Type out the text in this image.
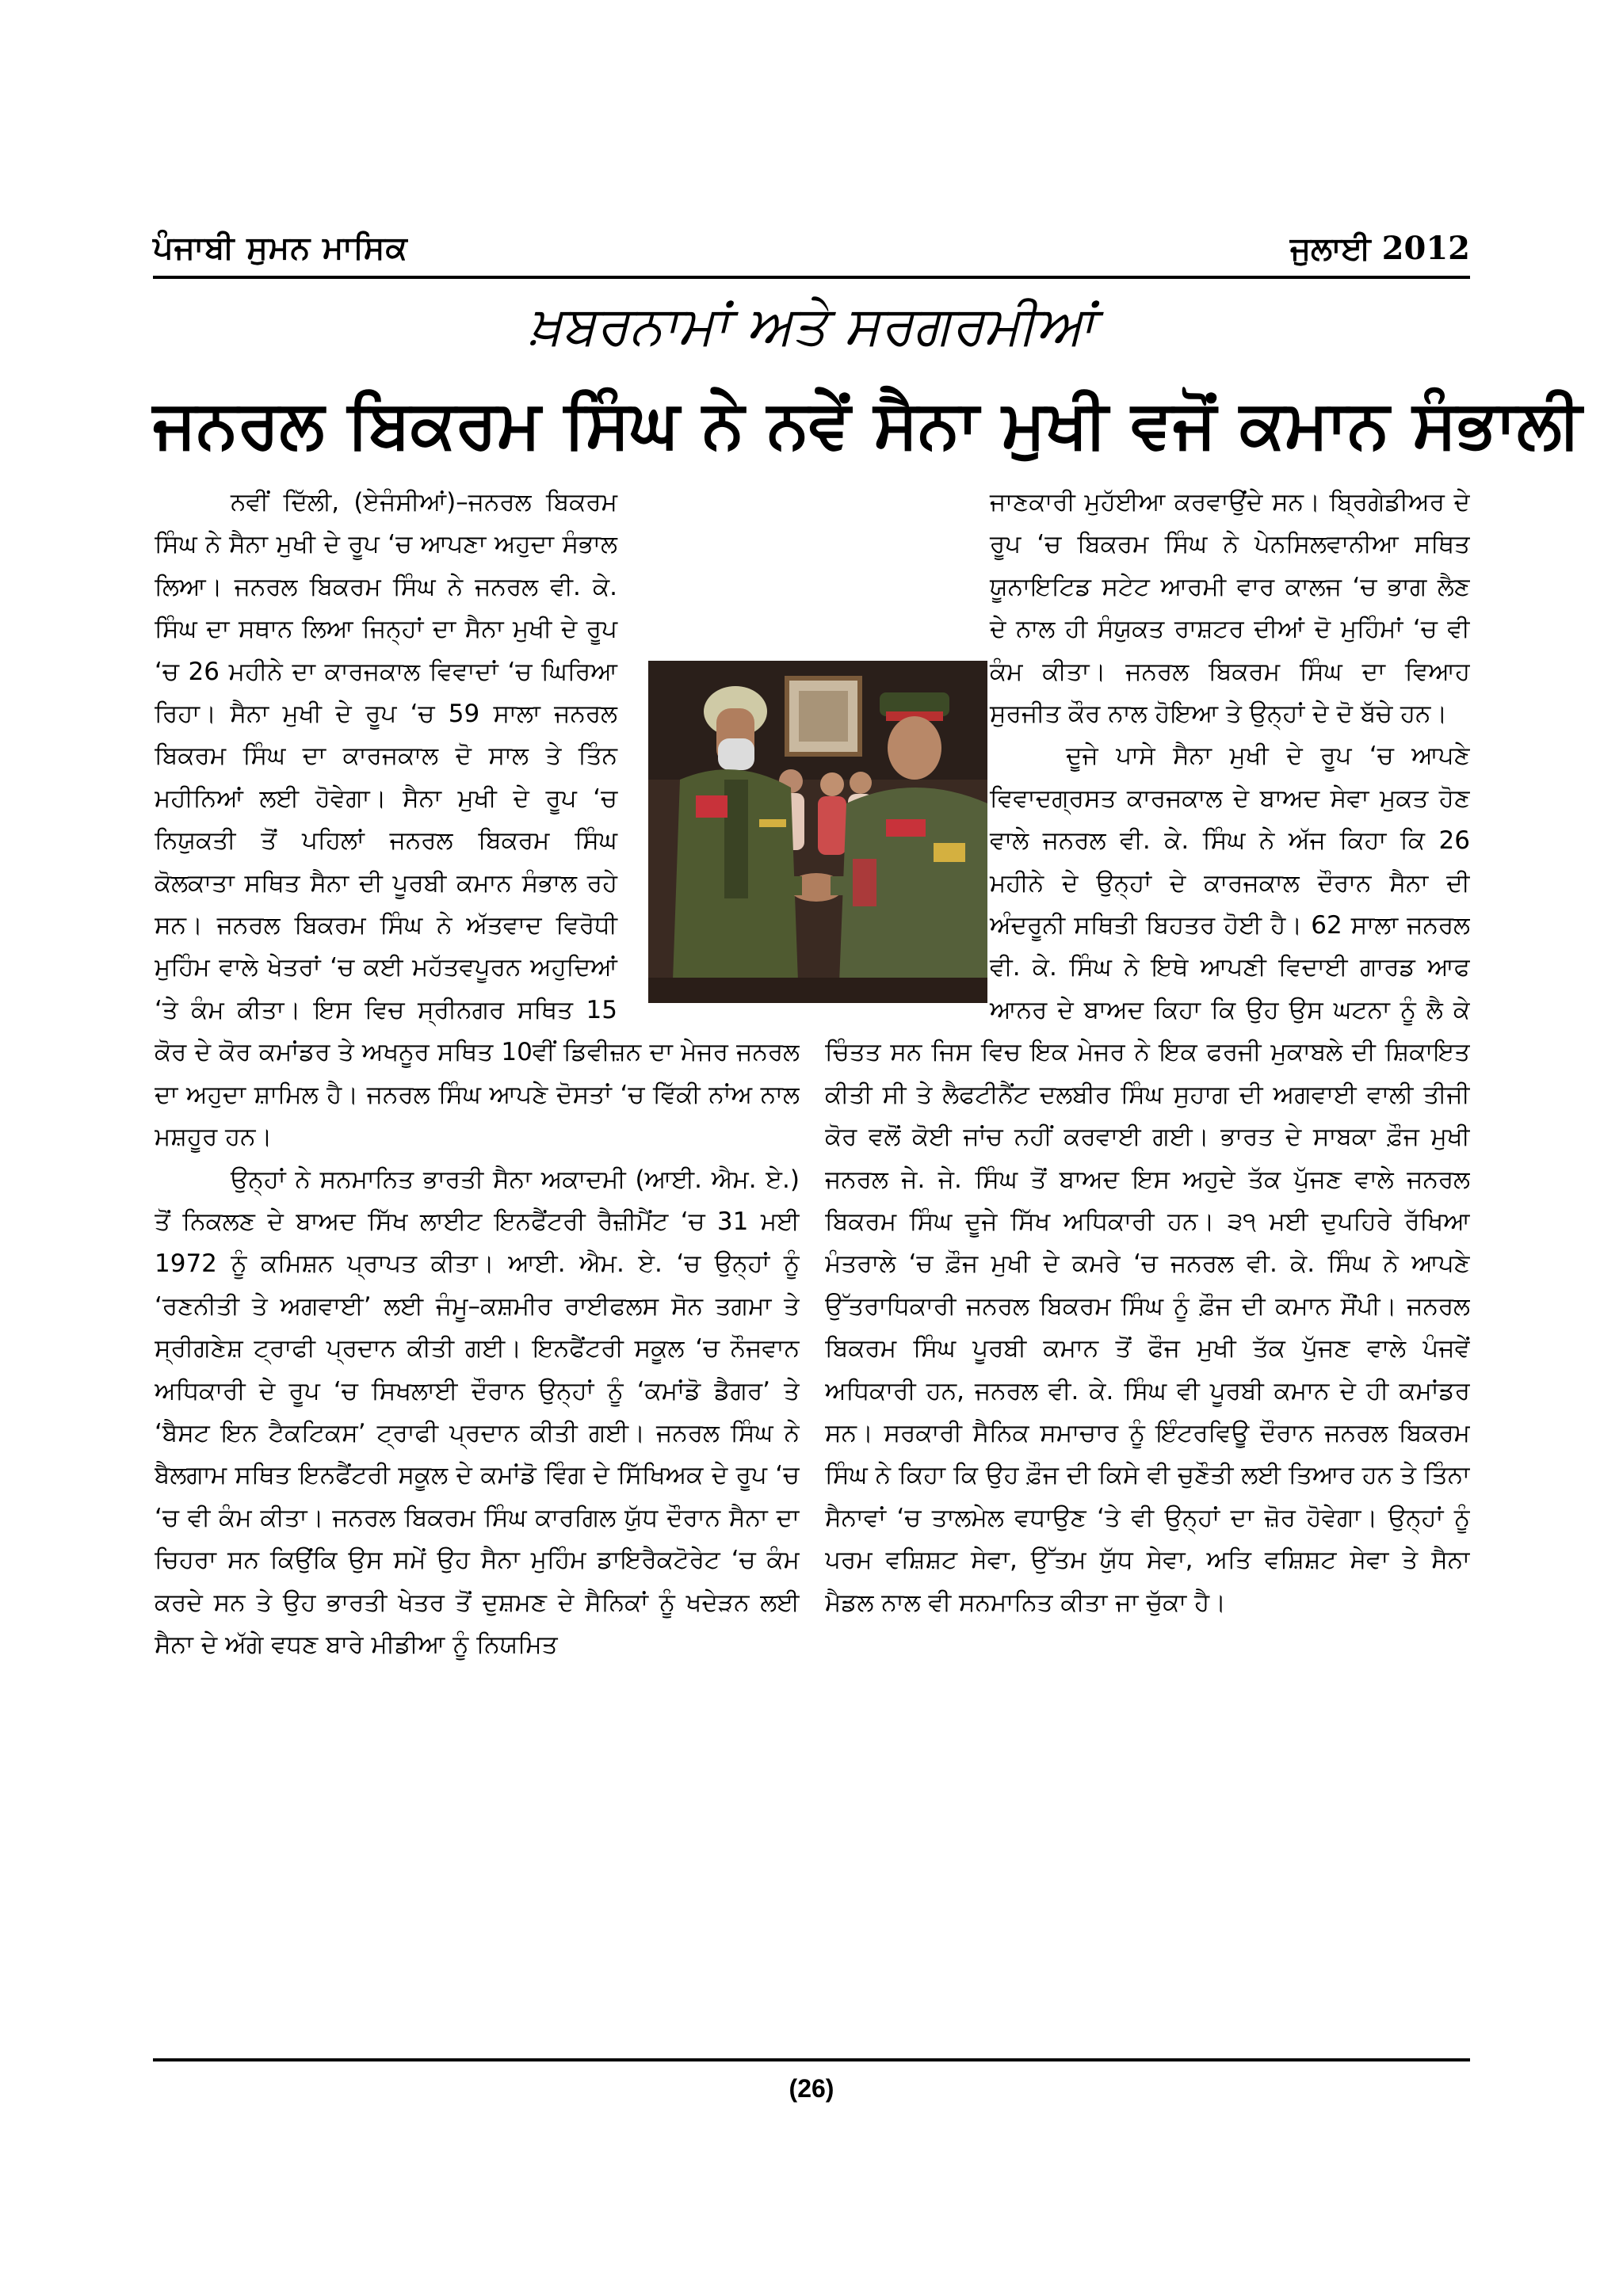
ਪੰਜਾਬੀ ਸੁਮਨ ਮਾਸਿਕ	ਜੁਲਾਈ 2012
ਖ਼ਬਰਨਾਮਾਂ ਅਤੇ ਸਰਗਰਮੀਆਂ
ਜਨਰਲ ਬਿਕਰਮ ਸਿੰਘ ਨੇ ਨਵੇਂ ਸੈਨਾ ਮੁਖੀ ਵਜੋਂ ਕਮਾਨ ਸੰਭਾਲੀ

ਨਵੀਂ ਦਿੱਲੀ, (ਏਜੰਸੀਆਂ)–ਜਨਰਲ ਬਿਕਰਮ ਸਿੰਘ ਨੇ ਸੈਨਾ ਮੁਖੀ ਦੇ ਰੂਪ ‘ਚ ਆਪਣਾ ਅਹੁਦਾ ਸੰਭਾਲ ਲਿਆ। ਜਨਰਲ ਬਿਕਰਮ ਸਿੰਘ ਨੇ ਜਨਰਲ ਵੀ. ਕੇ. ਸਿੰਘ ਦਾ ਸਥਾਨ ਲਿਆ ਜਿਨ੍ਹਾਂ ਦਾ ਸੈਨਾ ਮੁਖੀ ਦੇ ਰੂਪ ‘ਚ 26 ਮਹੀਨੇ ਦਾ ਕਾਰਜਕਾਲ ਵਿਵਾਦਾਂ ‘ਚ ਘਿਰਿਆ ਰਿਹਾ। ਸੈਨਾ ਮੁਖੀ ਦੇ ਰੂਪ ‘ਚ 59 ਸਾਲਾ ਜਨਰਲ ਬਿਕਰਮ ਸਿੰਘ ਦਾ ਕਾਰਜਕਾਲ ਦੋ ਸਾਲ ਤੇ ਤਿੰਨ ਮਹੀਨਿਆਂ ਲਈ ਹੋਵੇਗਾ। ਸੈਨਾ ਮੁਖੀ ਦੇ ਰੂਪ ‘ਚ ਨਿਯੁਕਤੀ ਤੋਂ ਪਹਿਲਾਂ ਜਨਰਲ ਬਿਕਰਮ ਸਿੰਘ ਕੋਲਕਾਤਾ ਸਥਿਤ ਸੈਨਾ ਦੀ ਪੂਰਬੀ ਕਮਾਨ ਸੰਭਾਲ ਰਹੇ ਸਨ। ਜਨਰਲ ਬਿਕਰਮ ਸਿੰਘ ਨੇ ਅੱਤਵਾਦ ਵਿਰੋਧੀ ਮੁਹਿੰਮ ਵਾਲੇ ਖੇਤਰਾਂ ‘ਚ ਕਈ ਮਹੱਤਵਪੂਰਨ ਅਹੁਦਿਆਂ ‘ਤੇ ਕੰਮ ਕੀਤਾ। ਇਸ ਵਿਚ ਸ੍ਰੀਨਗਰ ਸਥਿਤ 15 ਕੋਰ ਦੇ ਕੋਰ ਕਮਾਂਡਰ ਤੇ ਅਖਨੂਰ ਸਥਿਤ 10ਵੀਂ ਡਿਵੀਜ਼ਨ ਦਾ ਮੇਜਰ ਜਨਰਲ ਦਾ ਅਹੁਦਾ ਸ਼ਾਮਿਲ ਹੈ। ਜਨਰਲ ਸਿੰਘ ਆਪਣੇ ਦੋਸਤਾਂ ‘ਚ ਵਿੱਕੀ ਨਾਂਅ ਨਾਲ ਮਸ਼ਹੂਰ ਹਨ।

ਉਨ੍ਹਾਂ ਨੇ ਸਨਮਾਨਿਤ ਭਾਰਤੀ ਸੈਨਾ ਅਕਾਦਮੀ (ਆਈ. ਐਮ. ਏ.) ਤੋਂ ਨਿਕਲਣ ਦੇ ਬਾਅਦ ਸਿੱਖ ਲਾਈਟ ਇਨਫੈਂਟਰੀ ਰੈਜ਼ੀਮੈਂਟ ‘ਚ 31 ਮਈ 1972 ਨੂੰ ਕਮਿਸ਼ਨ ਪ੍ਰਾਪਤ ਕੀਤਾ। ਆਈ. ਐਮ. ਏ. ‘ਚ ਉਨ੍ਹਾਂ ਨੂੰ ‘ਰਣਨੀਤੀ ਤੇ ਅਗਵਾਈ’ ਲਈ ਜੰਮੂ–ਕਸ਼ਮੀਰ ਰਾਈਫਲਸ ਸੋਨ ਤਗਮਾ ਤੇ ਸ੍ਰੀਗਣੇਸ਼ ਟ੍ਰਾਫੀ ਪ੍ਰਦਾਨ ਕੀਤੀ ਗਈ। ਇਨਫੈਂਟਰੀ ਸਕੂਲ ‘ਚ ਨੌਜਵਾਨ ਅਧਿਕਾਰੀ ਦੇ ਰੂਪ ‘ਚ ਸਿਖਲਾਈ ਦੌਰਾਨ ਉਨ੍ਹਾਂ ਨੂੰ ‘ਕਮਾਂਡੋ ਡੈਗਰ’ ਤੇ ‘ਬੈਸਟ ਇਨ ਟੈਕਟਿਕਸ’ ਟ੍ਰਾਫੀ ਪ੍ਰਦਾਨ ਕੀਤੀ ਗਈ। ਜਨਰਲ ਸਿੰਘ ਨੇ ਬੈਲਗਾਮ ਸਥਿਤ ਇਨਫੈਂਟਰੀ ਸਕੂਲ ਦੇ ਕਮਾਂਡੋ ਵਿੰਗ ਦੇ ਸਿੱਖਿਅਕ ਦੇ ਰੂਪ ‘ਚ ‘ਚ ਵੀ ਕੰਮ ਕੀਤਾ। ਜਨਰਲ ਬਿਕਰਮ ਸਿੰਘ ਕਾਰਗਿਲ ਯੁੱਧ ਦੌਰਾਨ ਸੈਨਾ ਦਾ ਚਿਹਰਾ ਸਨ ਕਿਉਂਕਿ ਉਸ ਸਮੇਂ ਉਹ ਸੈਨਾ ਮੁਹਿੰਮ ਡਾਇਰੈਕਟੋਰੇਟ ‘ਚ ਕੰਮ ਕਰਦੇ ਸਨ ਤੇ ਉਹ ਭਾਰਤੀ ਖੇਤਰ ਤੋਂ ਦੁਸ਼ਮਣ ਦੇ ਸੈਨਿਕਾਂ ਨੂੰ ਖਦੇੜਨ ਲਈ ਸੈਨਾ ਦੇ ਅੱਗੇ ਵਧਣ ਬਾਰੇ ਮੀਡੀਆ ਨੂੰ ਨਿਯਮਿਤ

ਜਾਣਕਾਰੀ ਮੁਹੱਈਆ ਕਰਵਾਉਂਦੇ ਸਨ। ਬ੍ਰਿਗੇਡੀਅਰ ਦੇ ਰੂਪ ‘ਚ ਬਿਕਰਮ ਸਿੰਘ ਨੇ ਪੇਨਸਿਲਵਾਨੀਆ ਸਥਿਤ ਯੂਨਾਇਟਿਡ ਸਟੇਟ ਆਰਮੀ ਵਾਰ ਕਾਲਜ ‘ਚ ਭਾਗ ਲੈਣ ਦੇ ਨਾਲ ਹੀ ਸੰਯੁਕਤ ਰਾਸ਼ਟਰ ਦੀਆਂ ਦੋ ਮੁਹਿੰਮਾਂ ‘ਚ ਵੀ ਕੰਮ ਕੀਤਾ। ਜਨਰਲ ਬਿਕਰਮ ਸਿੰਘ ਦਾ ਵਿਆਹ ਸੁਰਜੀਤ ਕੌਰ ਨਾਲ ਹੋਇਆ ਤੇ ਉਨ੍ਹਾਂ ਦੇ ਦੋ ਬੱਚੇ ਹਨ।

ਦੂਜੇ ਪਾਸੇ ਸੈਨਾ ਮੁਖੀ ਦੇ ਰੂਪ ‘ਚ ਆਪਣੇ ਵਿਵਾਦਗ੍ਰਸਤ ਕਾਰਜਕਾਲ ਦੇ ਬਾਅਦ ਸੇਵਾ ਮੁਕਤ ਹੋਣ ਵਾਲੇ ਜਨਰਲ ਵੀ. ਕੇ. ਸਿੰਘ ਨੇ ਅੱਜ ਕਿਹਾ ਕਿ 26 ਮਹੀਨੇ ਦੇ ਉਨ੍ਹਾਂ ਦੇ ਕਾਰਜਕਾਲ ਦੌਰਾਨ ਸੈਨਾ ਦੀ ਅੰਦਰੂਨੀ ਸਥਿਤੀ ਬਿਹਤਰ ਹੋਈ ਹੈ। 62 ਸਾਲਾ ਜਨਰਲ ਵੀ. ਕੇ. ਸਿੰਘ ਨੇ ਇਥੇ ਆਪਣੀ ਵਿਦਾਈ ਗਾਰਡ ਆਫ ਆਨਰ ਦੇ ਬਾਅਦ ਕਿਹਾ ਕਿ ਉਹ ਉਸ ਘਟਨਾ ਨੂੰ ਲੈ ਕੇ ਚਿੰਤਤ ਸਨ ਜਿਸ ਵਿਚ ਇਕ ਮੇਜਰ ਨੇ ਇਕ ਫਰਜੀ ਮੁਕਾਬਲੇ ਦੀ ਸ਼ਿਕਾਇਤ ਕੀਤੀ ਸੀ ਤੇ ਲੈਫਟੀਨੈਂਟ ਦਲਬੀਰ ਸਿੰਘ ਸੁਹਾਗ ਦੀ ਅਗਵਾਈ ਵਾਲੀ ਤੀਜੀ ਕੋਰ ਵਲੋਂ ਕੋਈ ਜਾਂਚ ਨਹੀਂ ਕਰਵਾਈ ਗਈ। ਭਾਰਤ ਦੇ ਸਾਬਕਾ ਫ਼ੌਜ ਮੁਖੀ ਜਨਰਲ ਜੇ. ਜੇ. ਸਿੰਘ ਤੋਂ ਬਾਅਦ ਇਸ ਅਹੁਦੇ ਤੱਕ ਪੁੱਜਣ ਵਾਲੇ ਜਨਰਲ ਬਿਕਰਮ ਸਿੰਘ ਦੂਜੇ ਸਿੱਖ ਅਧਿਕਾਰੀ ਹਨ। ੩੧ ਮਈ ਦੁਪਹਿਰੇ ਰੱਖਿਆ ਮੰਤਰਾਲੇ ‘ਚ ਫ਼ੌਜ ਮੁਖੀ ਦੇ ਕਮਰੇ ‘ਚ ਜਨਰਲ ਵੀ. ਕੇ. ਸਿੰਘ ਨੇ ਆਪਣੇ ਉੱਤਰਾਧਿਕਾਰੀ ਜਨਰਲ ਬਿਕਰਮ ਸਿੰਘ ਨੂੰ ਫ਼ੌਜ ਦੀ ਕਮਾਨ ਸੌਂਪੀ। ਜਨਰਲ ਬਿਕਰਮ ਸਿੰਘ ਪੂਰਬੀ ਕਮਾਨ ਤੋਂ ਫੌਜ ਮੁਖੀ ਤੱਕ ਪੁੱਜਣ ਵਾਲੇ ਪੰਜਵੇਂ ਅਧਿਕਾਰੀ ਹਨ, ਜਨਰਲ ਵੀ. ਕੇ. ਸਿੰਘ ਵੀ ਪੂਰਬੀ ਕਮਾਨ ਦੇ ਹੀ ਕਮਾਂਡਰ ਸਨ। ਸਰਕਾਰੀ ਸੈਨਿਕ ਸਮਾਚਾਰ ਨੂੰ ਇੰਟਰਵਿਊ ਦੌਰਾਨ ਜਨਰਲ ਬਿਕਰਮ ਸਿੰਘ ਨੇ ਕਿਹਾ ਕਿ ਉਹ ਫ਼ੌਜ ਦੀ ਕਿਸੇ ਵੀ ਚੁਣੌਤੀ ਲਈ ਤਿਆਰ ਹਨ ਤੇ ਤਿੰਨਾ ਸੈਨਾਵਾਂ ‘ਚ ਤਾਲਮੇਲ ਵਧਾਉਣ ‘ਤੇ ਵੀ ਉਨ੍ਹਾਂ ਦਾ ਜ਼ੋਰ ਹੋਵੇਗਾ। ਉਨ੍ਹਾਂ ਨੂੰ ਪਰਮ ਵਸ਼ਿਸ਼ਟ ਸੇਵਾ, ਉੱਤਮ ਯੁੱਧ ਸੇਵਾ, ਅਤਿ ਵਸ਼ਿਸ਼ਟ ਸੇਵਾ ਤੇ ਸੈਨਾ ਮੈਡਲ ਨਾਲ ਵੀ ਸਨਮਾਨਿਤ ਕੀਤਾ ਜਾ ਚੁੱਕਾ ਹੈ।

(26)
